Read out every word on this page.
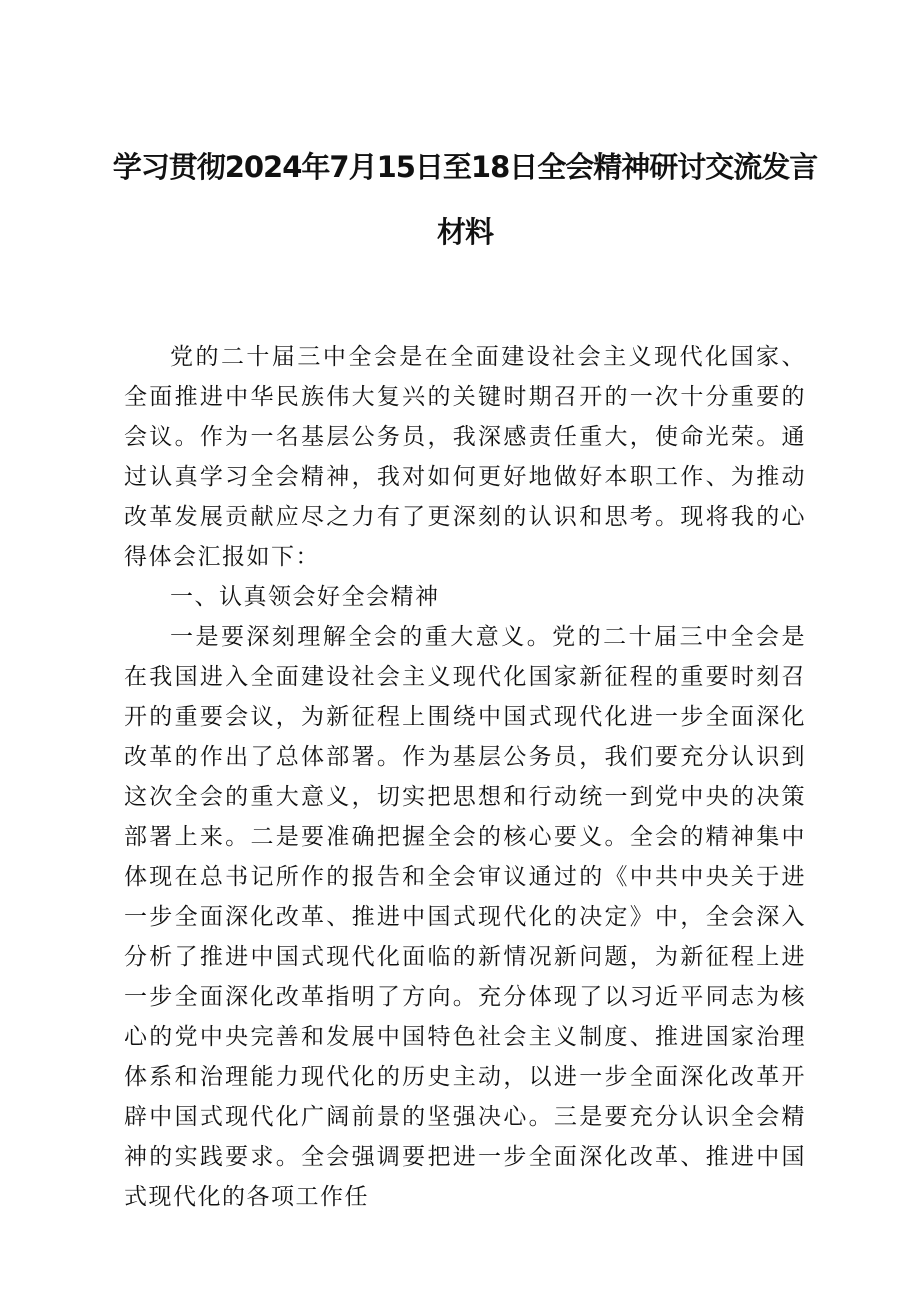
学习贯彻2024年7月15日至18日全会精神研讨交流发言
材料

党的二十届三中全会是在全面建设社会主义现代化国家、全面推进中华民族伟大复兴的关键时期召开的一次十分重要的会议。作为一名基层公务员，我深感责任重大，使命光荣。通过认真学习全会精神，我对如何更好地做好本职工作、为推动改革发展贡献应尽之力有了更深刻的认识和思考。现将我的心得体会汇报如下：

一、认真领会好全会精神

一是要深刻理解全会的重大意义。党的二十届三中全会是在我国进入全面建设社会主义现代化国家新征程的重要时刻召开的重要会议，为新征程上围绕中国式现代化进一步全面深化改革的作出了总体部署。作为基层公务员，我们要充分认识到这次全会的重大意义，切实把思想和行动统一到党中央的决策部署上来。二是要准确把握全会的核心要义。全会的精神集中体现在总书记所作的报告和全会审议通过的《中共中央关于进一步全面深化改革、推进中国式现代化的决定》中，全会深入分析了推进中国式现代化面临的新情况新问题，为新征程上进一步全面深化改革指明了方向。充分体现了以习近平同志为核心的党中央完善和发展中国特色社会主义制度、推进国家治理体系和治理能力现代化的历史主动，以进一步全面深化改革开辟中国式现代化广阔前景的坚强决心。三是要充分认识全会精神的实践要求。全会强调要把进一步全面深化改革、推进中国式现代化的各项工作任
